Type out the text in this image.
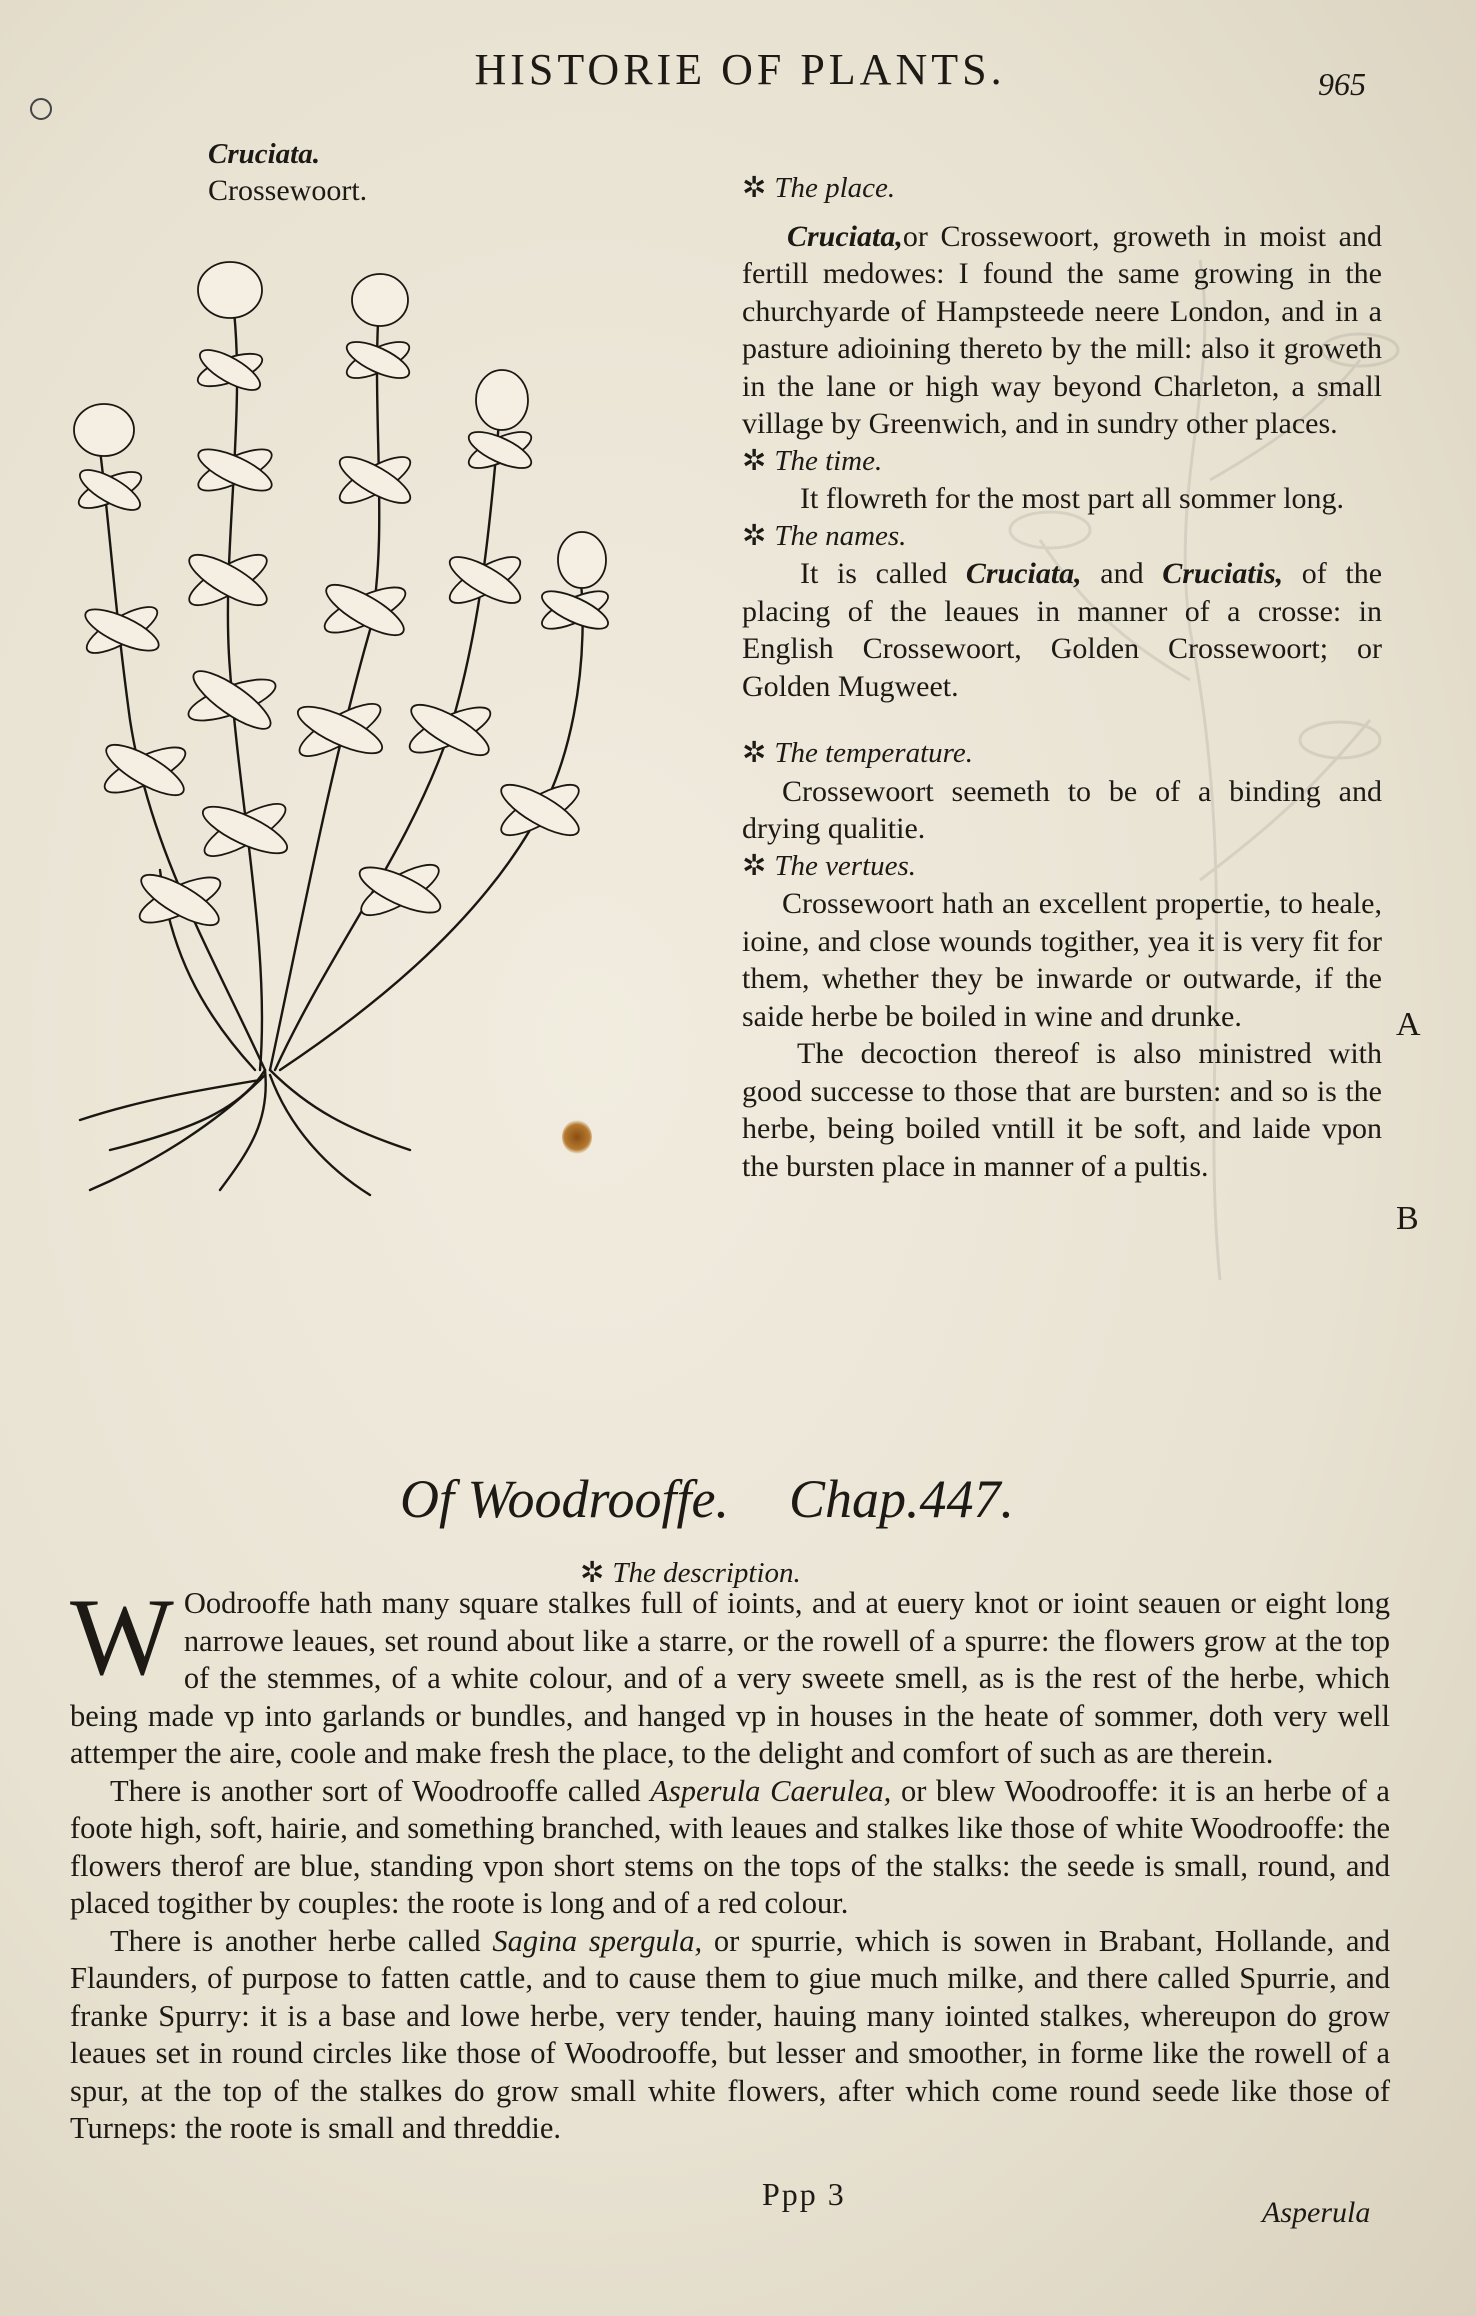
HISTORIE OF PLANTS.	965
Cruciata.
Crossewoort.	✲ The place.

Cruciata,or Crossewoort, groweth in moist and fertill medowes: I found the same growing in the churchyarde of Hampsteede neere London, and in a pasture adioining thereto by the mill: also it groweth in the lane or high way beyond Charleton, a small village by Greenwich, and in sundry other places.

✲ The time.

It flowreth for the most part all sommer long.

✲ The names.

It is called Cruciata, and Cruciatis, of the placing of the leaues in manner of a crosse: in English Crossewoort, Golden Crossewoort; or Golden Mugweet.

✲ The temperature.

Crossewoort seemeth to be of a binding and drying qualitie.

✲ The vertues.

Crossewoort hath an excellent propertie, to heale, ioine, and close wounds togither, yea it is very fit for them, whether they be inwarde or outwarde, if the saide herbe be boiled in wine and drunke.

The decoction thereof is also ministred with good successe to those that are bursten: and so is the herbe, being boiled vntill it be soft, and laide vpon the bursten place in manner of a pultis.

A
B
Of Woodrooffe. Chap.447.
✲ The description.

W Oodrooffe hath many square stalkes full of ioints, and at euery knot or ioint seauen or eight long narrowe leaues, set round about like a starre, or the rowell of a spurre: the flowers grow at the top of the stemmes, of a white colour, and of a very sweete smell, as is the rest of the herbe, which being made vp into garlands or bundles, and hanged vp in houses in the heate of sommer, doth very well attemper the aire, coole and make fresh the place, to the delight and comfort of such as are therein.

There is another sort of Woodrooffe called Asperula Caerulea, or blew Woodrooffe: it is an herbe of a foote high, soft, hairie, and something branched, with leaues and stalkes like those of white Woodrooffe: the flowers therof are blue, standing vpon short stems on the tops of the stalks: the seede is small, round, and placed togither by couples: the roote is long and of a red colour.

There is another herbe called Sagina spergula, or spurrie, which is sowen in Brabant, Hollande, and Flaunders, of purpose to fatten cattle, and to cause them to giue much milke, and there called Spurrie, and franke Spurry: it is a base and lowe herbe, very tender, hauing many iointed stalkes, whereupon do grow leaues set in round circles like those of Woodrooffe, but lesser and smoother, in forme like the rowell of a spur, at the top of the stalkes do grow small white flowers, after which come round seede like those of Turneps: the roote is small and threddie.

Ppp 3
Asperula
